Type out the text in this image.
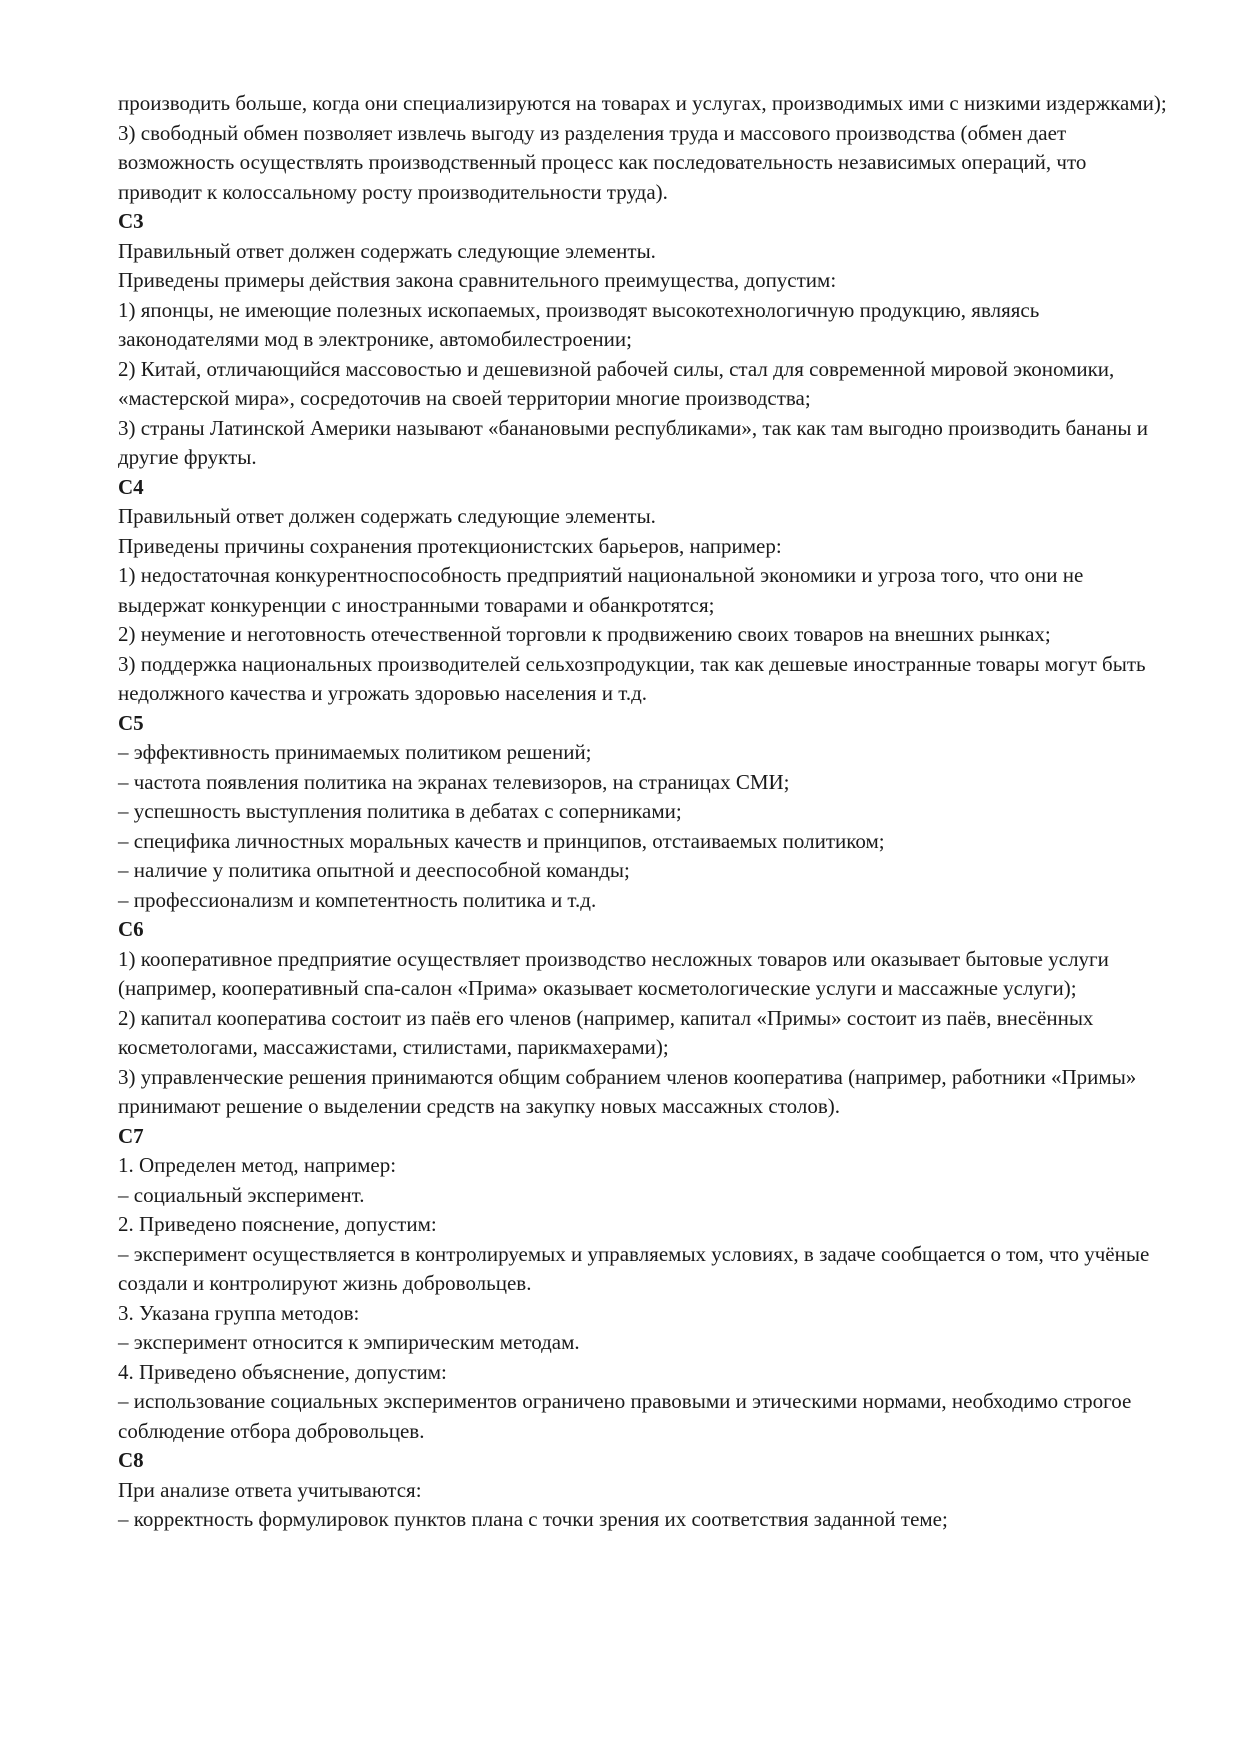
производить больше, когда они специализируются на товарах и услугах, производимых ими с низкими издержками);

3) свободный обмен позволяет извлечь выгоду из разделения труда и массового производства (обмен дает возможность осуществлять производственный процесс как последовательность независимых операций, что приводит к колоссальному росту производительности труда).

С3

Правильный ответ должен содержать следующие элементы.

Приведены примеры действия закона сравнительного преимущества, допустим:

1) японцы, не имеющие полезных ископаемых, производят высокотехнологичную продукцию, являясь законодателями мод в электронике, автомобилестроении;

2) Китай, отличающийся массовостью и дешевизной рабочей силы, стал для современной мировой экономики, «мастерской мира», сосредоточив на своей территории многие производства;

3) страны Латинской Америки называют «банановыми республиками», так как там выгодно производить бананы и другие фрукты.

С4

Правильный ответ должен содержать следующие элементы.

Приведены причины сохранения протекционистских барьеров, например:

1) недостаточная конкурентноспособность предприятий национальной экономики и угроза того, что они не выдержат конкуренции с иностранными товарами и обанкротятся;

2) неумение и неготовность отечественной торговли к продвижению своих товаров на внешних рынках;

3) поддержка национальных производителей сельхозпродукции, так как дешевые иностранные товары могут быть недолжного качества и угрожать здоровью населения и т.д.

С5

– эффективность принимаемых политиком решений;

– частота появления политика на экранах телевизоров, на страницах СМИ;

– успешность выступления политика в дебатах с соперниками;

– специфика личностных моральных качеств и принципов, отстаиваемых политиком;

– наличие у политика опытной и дееспособной команды;

– профессионализм и компетентность политика и т.д.

С6

1) кооперативное предприятие осуществляет производство несложных товаров или оказывает бытовые услуги (например, кооперативный спа-салон «Прима» оказывает косметологические услуги и массажные услуги);

2) капитал кооператива состоит из паёв его членов (например, капитал «Примы» состоит из паёв, внесённых косметологами, массажистами, стилистами, парикмахерами);

3) управленческие решения принимаются общим собранием членов кооператива (например, работники «Примы» принимают решение о выделении средств на закупку новых массажных столов).

С7

1. Определен метод, например:

– социальный эксперимент.

2. Приведено пояснение, допустим:

– эксперимент осуществляется в контролируемых и управляемых условиях, в задаче сообщается о том, что учёные создали и контролируют жизнь добровольцев.

3. Указана группа методов:

– эксперимент относится к эмпирическим методам.

4. Приведено объяснение, допустим:

– использование социальных экспериментов ограничено правовыми и этическими нормами, необходимо строгое соблюдение отбора добровольцев.

С8

При анализе ответа учитываются:

– корректность формулировок пунктов плана с точки зрения их соответствия заданной теме;
